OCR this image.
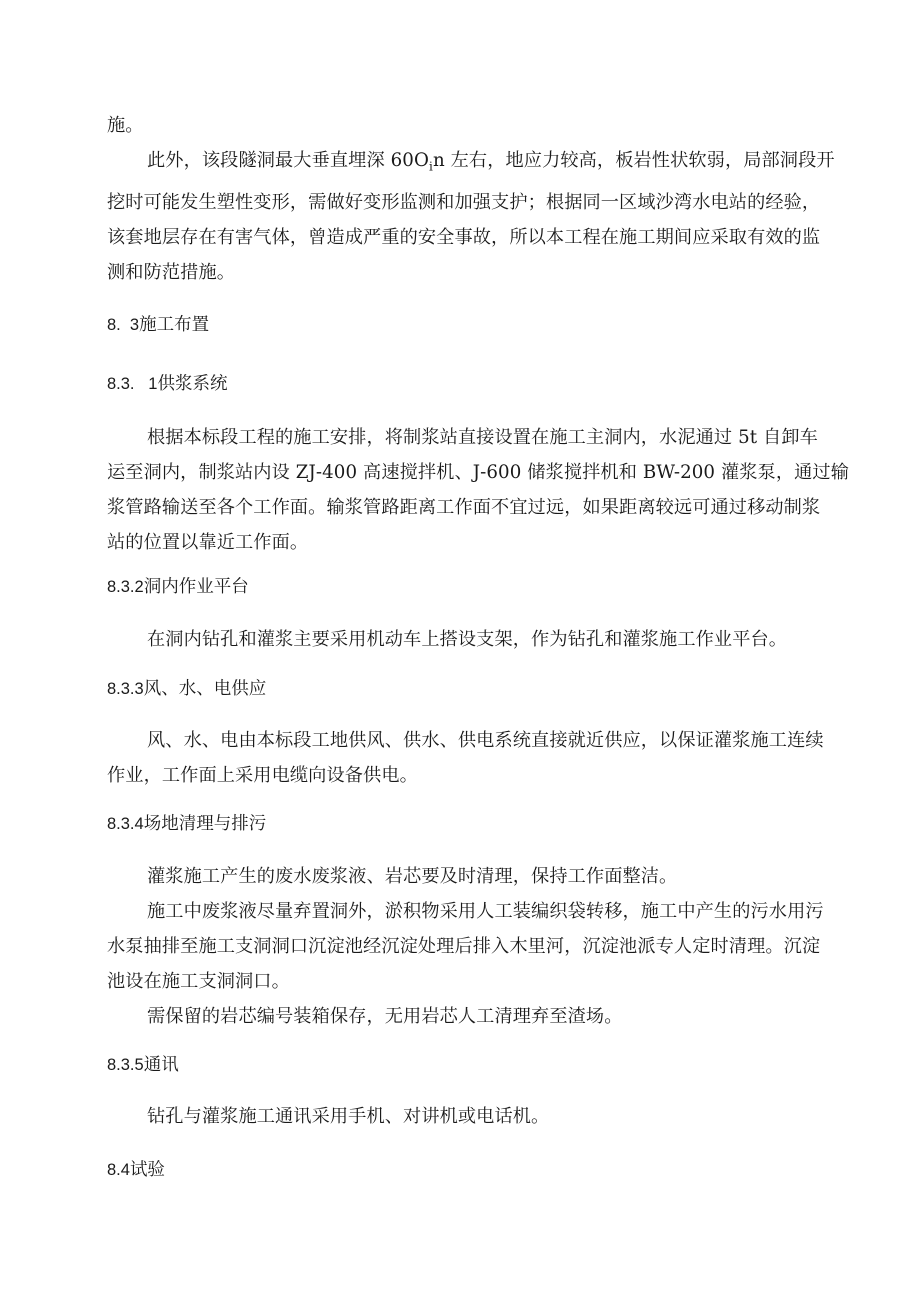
施。

此外，该段隧洞最大垂直埋深 $60O_in$ 左右，地应力较高，板岩性状软弱，局部洞段开
挖时可能发生塑性变形，需做好变形监测和加强支护；根据同一区域沙湾水电站的经验，
该套地层存在有害气体，曾造成严重的安全事故，所以本工程在施工期间应采取有效的监
测和防范措施。

8.  3施工布置
8.3.   1供浆系统

根据本标段工程的施工安排，将制浆站直接设置在施工主洞内，水泥通过 5t 自卸车
运至洞内，制浆站内设 ZJ-400 高速搅拌机、J-600 储浆搅拌机和 BW-200 灌浆泵，通过输
浆管路输送至各个工作面。输浆管路距离工作面不宜过远，如果距离较远可通过移动制浆
站的位置以靠近工作面。

8.3.2洞内作业平台

在洞内钻孔和灌浆主要采用机动车上搭设支架，作为钻孔和灌浆施工作业平台。

8.3.3风、水、电供应

风、水、电由本标段工地供风、供水、供电系统直接就近供应，以保证灌浆施工连续
作业，工作面上采用电缆向设备供电。

8.3.4场地清理与排污

灌浆施工产生的废水废浆液、岩芯要及时清理，保持工作面整洁。

施工中废浆液尽量弃置洞外，淤积物采用人工装编织袋转移，施工中产生的污水用污
水泵抽排至施工支洞洞口沉淀池经沉淀处理后排入木里河，沉淀池派专人定时清理。沉淀
池设在施工支洞洞口。

需保留的岩芯编号装箱保存，无用岩芯人工清理弃至渣场。

8.3.5通讯

钻孔与灌浆施工通讯采用手机、对讲机或电话机。

8.4试验
